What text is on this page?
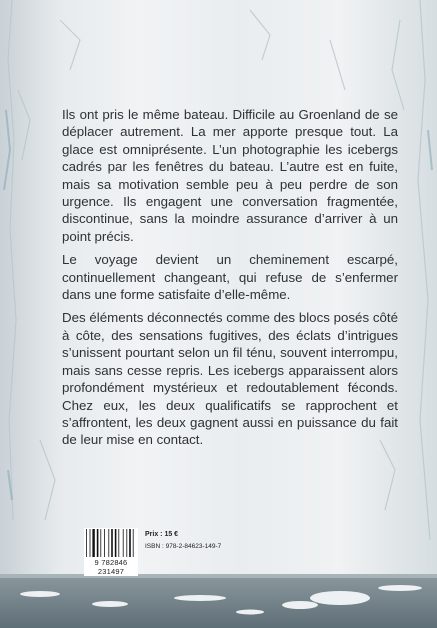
Ils ont pris le même bateau. Difficile au Groenland de se déplacer autrement. La mer apporte presque tout. La glace est omniprésente. L’un photographie les icebergs cadrés par les fenêtres du bateau. L’autre est en fuite, mais sa motivation semble peu à peu perdre de son urgence. Ils engagent une conversation fragmentée, discontinue, sans la moindre assurance d’arriver à un point précis.

Le voyage devient un cheminement escarpé, continuellement changeant, qui refuse de s’enfermer dans une forme satisfaite d’elle-même.

Des éléments déconnectés comme des blocs posés côté à côte, des sensations fugitives, des éclats d’intrigues s’unissent pourtant selon un fil ténu, souvent interrompu, mais sans cesse repris. Les icebergs apparaissent alors profondément mystérieux et redoutablement féconds. Chez eux, les deux qualificatifs se rapprochent et s’affrontent, les deux gagnent aussi en puissance du fait de leur mise en contact.

9 782846 231497
Prix : 15 €
ISBN : 978-2-84623-149-7
